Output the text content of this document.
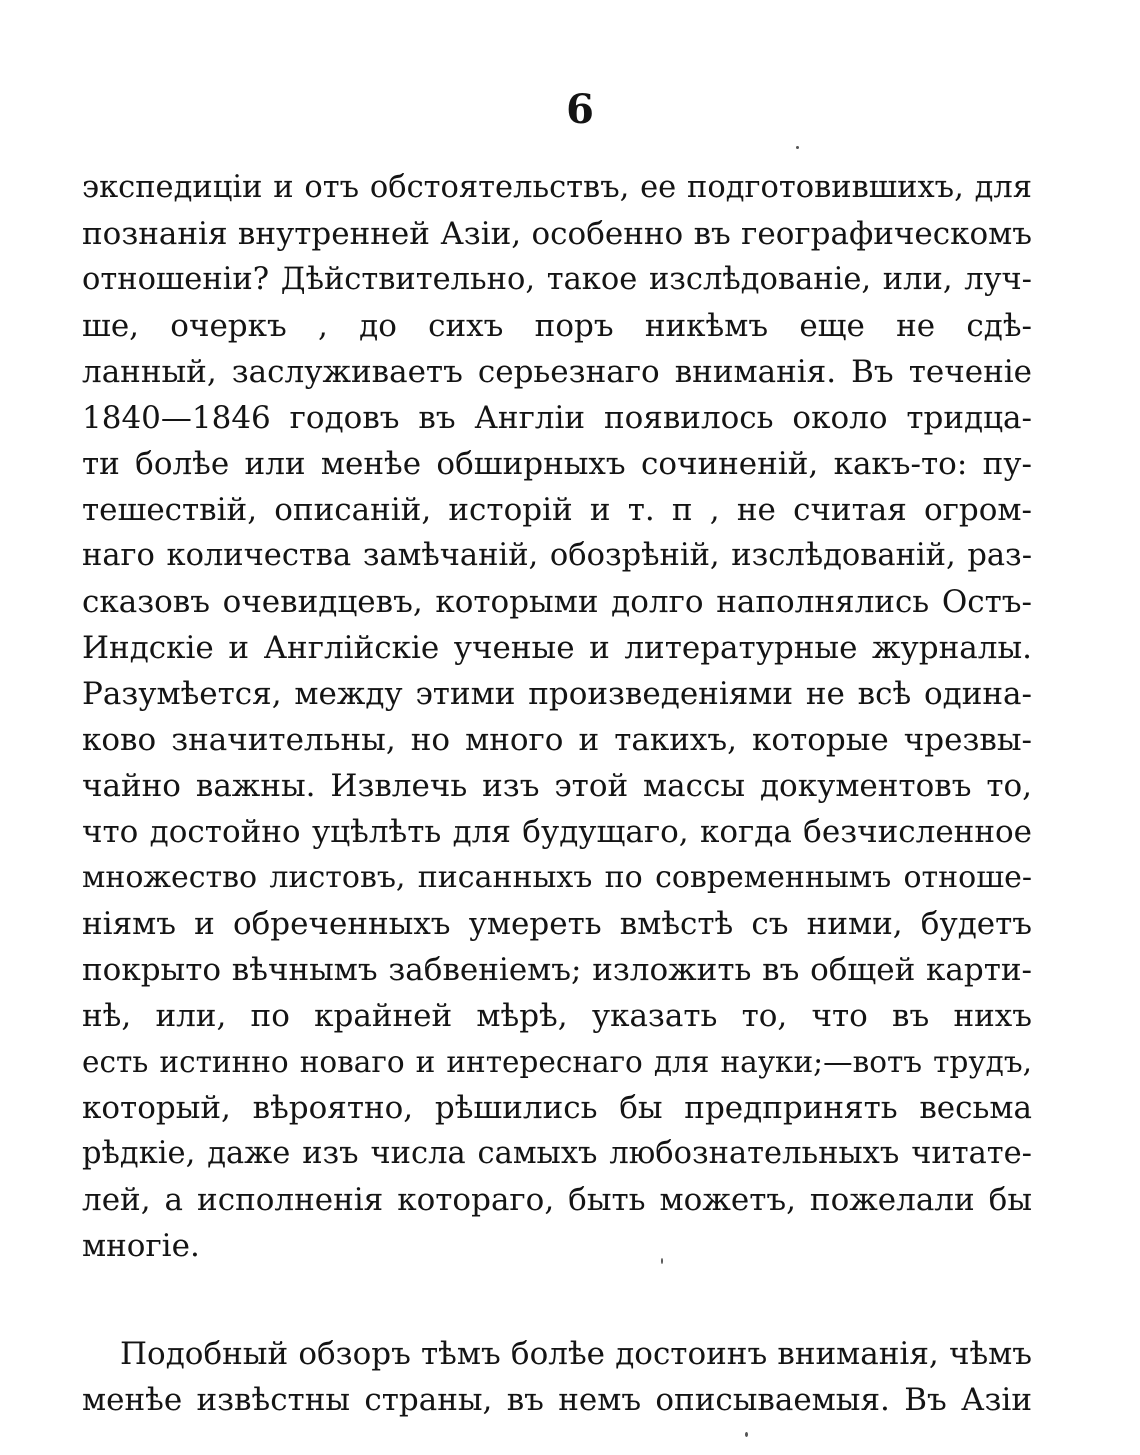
6
экспедиціи и отъ обстоятельствъ, ее подготовившихъ, для
познанія внутренней Азіи, особенно въ географическомъ
отношеніи? Дѣйствительно, такое изслѣдованіе, или, луч-
ше, очеркъ , до сихъ поръ никѣмъ еще не сдѣ-
ланный, заслуживаетъ серьезнаго вниманія. Въ теченіе
1840—1846 годовъ въ Англіи появилось около тридца-
ти болѣе или менѣе обширныхъ сочиненій, какъ-то: пу-
тешествій, описаній, исторій и т. п , не считая огром-
наго количества замѣчаній, обозрѣній, изслѣдованій, раз-
сказовъ очевидцевъ, которыми долго наполнялись Остъ-
Индскіе и Англійскіе ученые и литературные журналы.
Разумѣется, между этими произведеніями не всѣ одина-
ково значительны, но много и такихъ, которые чрезвы-
чайно важны. Извлечь изъ этой массы документовъ то,
что достойно уцѣлѣть для будущаго, когда безчисленное
множество листовъ, писанныхъ по современнымъ отноше-
ніямъ и обреченныхъ умереть вмѣстѣ съ ними, будетъ
покрыто вѣчнымъ забвеніемъ; изложить въ общей карти-
нѣ, или, по крайней мѣрѣ, указать то, что въ нихъ
есть истинно новаго и интереснаго для науки;—вотъ трудъ,
который, вѣроятно, рѣшились бы предпринять весьма
рѣдкіе, даже изъ числа самыхъ любознательныхъ читате-
лей, а исполненія котораго, быть можетъ, пожелали бы
многіе.
Подобный обзоръ тѣмъ болѣе достоинъ вниманія, чѣмъ
менѣе извѣстны страны, въ немъ описываемыя. Въ Азіи
